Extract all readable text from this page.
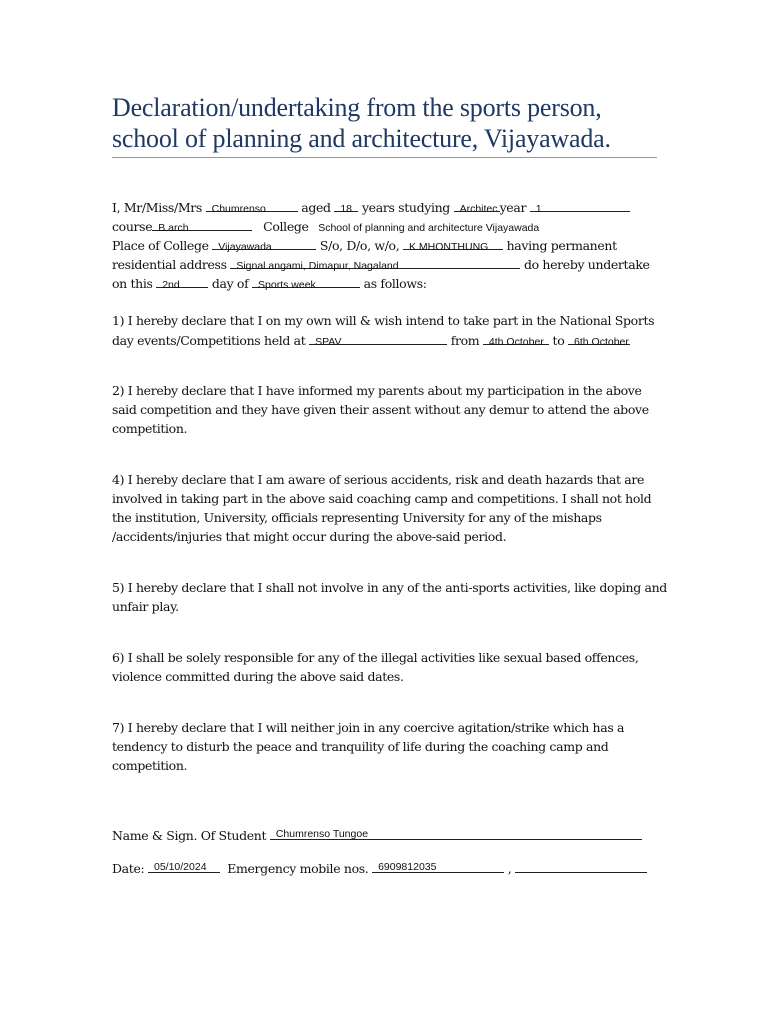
Declaration/undertaking from the sports person,
school of planning and architecture, Vijayawada.
I, Mr/Miss/Mrs Chumrenso	aged 18 years studying Architec year 1
course B.arch	College School of planning and architecture Vijayawada
Place of College Vijayawada	S/o, D/o, w/o, K.MHONTHUNG having permanent
residential address Signal angami, Dimapur, Nagaland	do hereby undertake
on this 2nd	day of Sports week	as follows:
1) I hereby declare that I on my own will & wish intend to take part in the National Sports
day events/Competitions held at SPAV	from 4th October to 6th October
2) I hereby declare that I have informed my parents about my participation in the above
said competition and they have given their assent without any demur to attend the above
competition.
4) I hereby declare that I am aware of serious accidents, risk and death hazards that are
involved in taking part in the above said coaching camp and competitions. I shall not hold
the institution, University, officials representing University for any of the mishaps
/accidents/injuries that might occur during the above-said period.
5) I hereby declare that I shall not involve in any of the anti-sports activities, like doping and
unfair play.
6) I shall be solely responsible for any of the illegal activities like sexual based offences,
violence committed during the above said dates.
7) I hereby declare that I will neither join in any coercive agitation/strike which has a
tendency to disturb the peace and tranquility of life during the coaching camp and
competition.
Name & Sign. Of Student Chumrenso Tungoe
Date: 05/10/2024 Emergency mobile nos. 6909812035	,
